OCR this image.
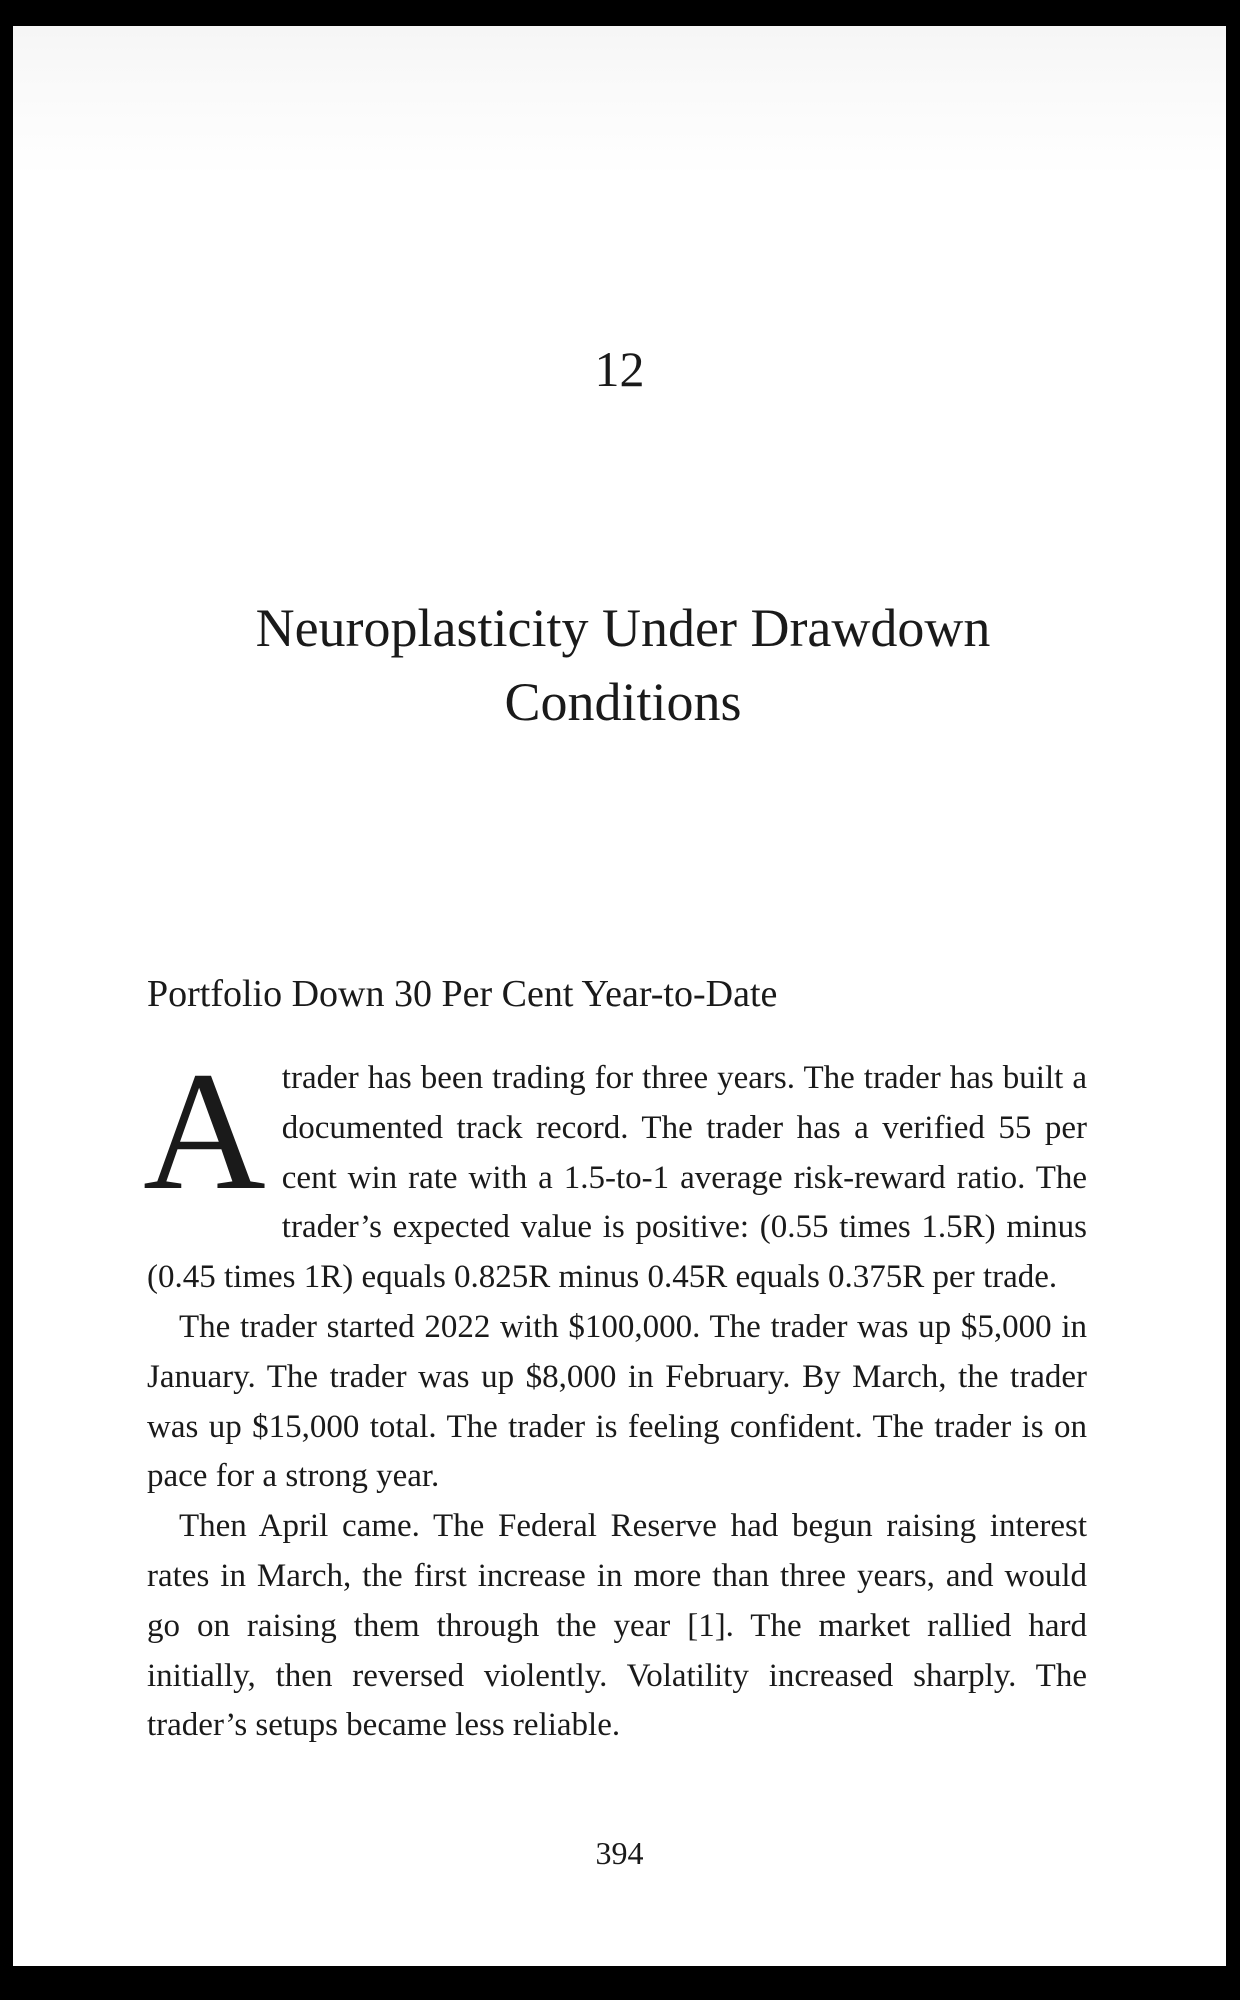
12
Neuroplasticity Under Drawdown Conditions
Portfolio Down 30 Per Cent Year-to-Date

Atrader has been trading for three years. The trader has built a documented track record. The trader has a verified 55 per cent win rate with a 1.5-to-1 average risk-reward ratio. The trader’s expected value is positive: (0.55 times 1.5R) minus (0.45 times 1R) equals 0.825R minus 0.45R equals 0.375R per trade.

The trader started 2022 with $100,000. The trader was up $5,000 in January. The trader was up $8,000 in February. By March, the trader was up $15,000 total. The trader is feeling confident. The trader is on pace for a strong year.

Then April came. The Federal Reserve had begun raising interest rates in March, the first increase in more than three years, and would go on raising them through the year [1]. The market rallied hard initially, then reversed violently. Volatility increased sharply. The trader’s setups became less reliable.

394
